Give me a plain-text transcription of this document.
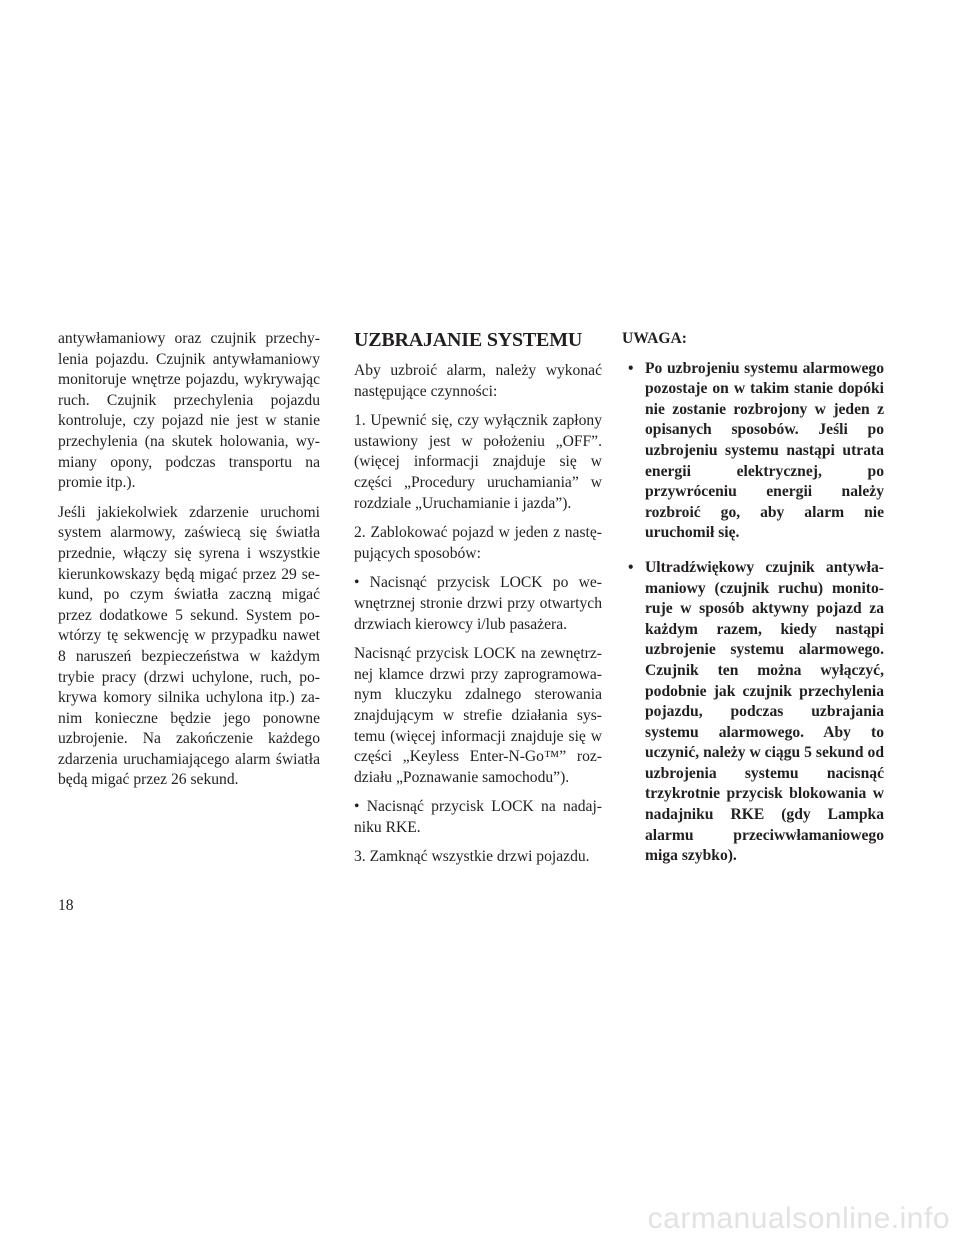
antywłamaniowy oraz czujnik przechylenia pojazdu. Czujnik antywłamaniowy monitoruje wnętrze pojazdu, wykrywając ruch. Czujnik przechylenia pojazdu kontroluje, czy pojazd nie jest w stanie przechylenia (na skutek holowania, wymiany opony, podczas transportu na promie itp.).

Jeśli jakiekolwiek zdarzenie uruchomi system alarmowy, zaświecą się światła przednie, włączy się syrena i wszystkie kierunkowskazy będą migać przez 29 sekund, po czym światła zaczną migać przez dodatkowe 5 sekund. System powtórzy tę sekwencję w przypadku nawet 8 naruszeń bezpieczeństwa w każdym trybie pracy (drzwi uchylone, ruch, pokrywa komory silnika uchylona itp.) zanim konieczne będzie jego ponowne uzbrojenie. Na zakończenie każdego zdarzenia uruchamiającego alarm światła będą migać przez 26 sekund.

UZBRAJANIE SYSTEMU

Aby uzbroić alarm, należy wykonać następujące czynności:

1. Upewnić się, czy wyłącznik zapłony ustawiony jest w położeniu „OFF”. (więcej informacji znajduje się w części „Procedury uruchamiania” w rozdziale „Uruchamianie i jazda”).

2. Zablokować pojazd w jeden z następujących sposobów:

• Nacisnąć przycisk LOCK po wewnętrznej stronie drzwi przy otwartych drzwiach kierowcy i/lub pasażera.

Nacisnąć przycisk LOCK na zewnętrznej klamce drzwi przy zaprogramowanym kluczyku zdalnego sterowania znajdującym w strefie działania systemu (więcej informacji znajduje się w części „Keyless Enter-N-Go™” rozdziału „Poznawanie samochodu”).

• Nacisnąć przycisk LOCK na nadajniku RKE.

3. Zamknąć wszystkie drzwi pojazdu.

UWAGA:
• Po uzbrojeniu systemu alarmowego pozostaje on w takim stanie dopóki nie zostanie rozbrojony w jeden z opisanych sposobów. Jeśli po uzbrojeniu systemu nastąpi utrata energii elektrycznej, po przywróceniu energii należy rozbroić go, aby alarm nie uruchomił się.
• Ultradźwiękowy czujnik antywłamaniowy (czujnik ruchu) monitoruje w sposób aktywny pojazd za każdym razem, kiedy nastąpi uzbrojenie systemu alarmowego. Czujnik ten można wyłączyć, podobnie jak czujnik przechylenia pojazdu, podczas uzbrajania systemu alarmowego. Aby to uczynić, należy w ciągu 5 sekund od uzbrojenia systemu nacisnąć trzykrotnie przycisk blokowania w nadajniku RKE (gdy Lampka alarmu przeciwwłamaniowego miga szybko).
18
carmanualsonline.info
